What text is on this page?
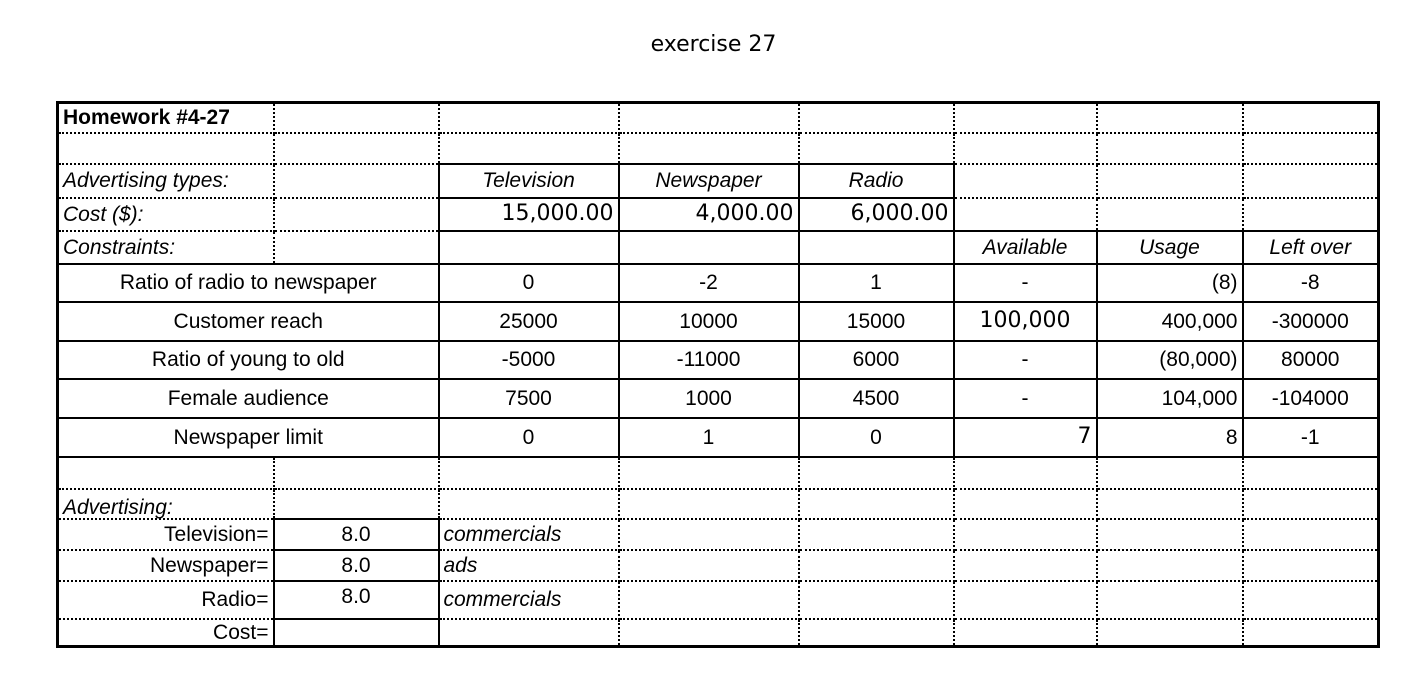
exercise 27
Homework #4-27							

Advertising types:		Television	Newspaper	Radio			
Cost ($):		15,000.00	4,000.00	6,000.00			
Constraints:					Available	Usage	Left over
Ratio of radio to newspaper		0	-2	1	-	(8)	-8
Customer reach		25000	10000	15000	100,000	400,000	-300000
Ratio of young to old		-5000	-11000	6000	-	(80,000)	80000
Female audience		7500	1000	4500	-	104,000	-104000
Newspaper limit		0	1	0	7	8	-1

Advertising:							
Television=	8.0	commercials					
Newspaper=	8.0	ads					
Radio=	8.0	commercials					
Cost=							
